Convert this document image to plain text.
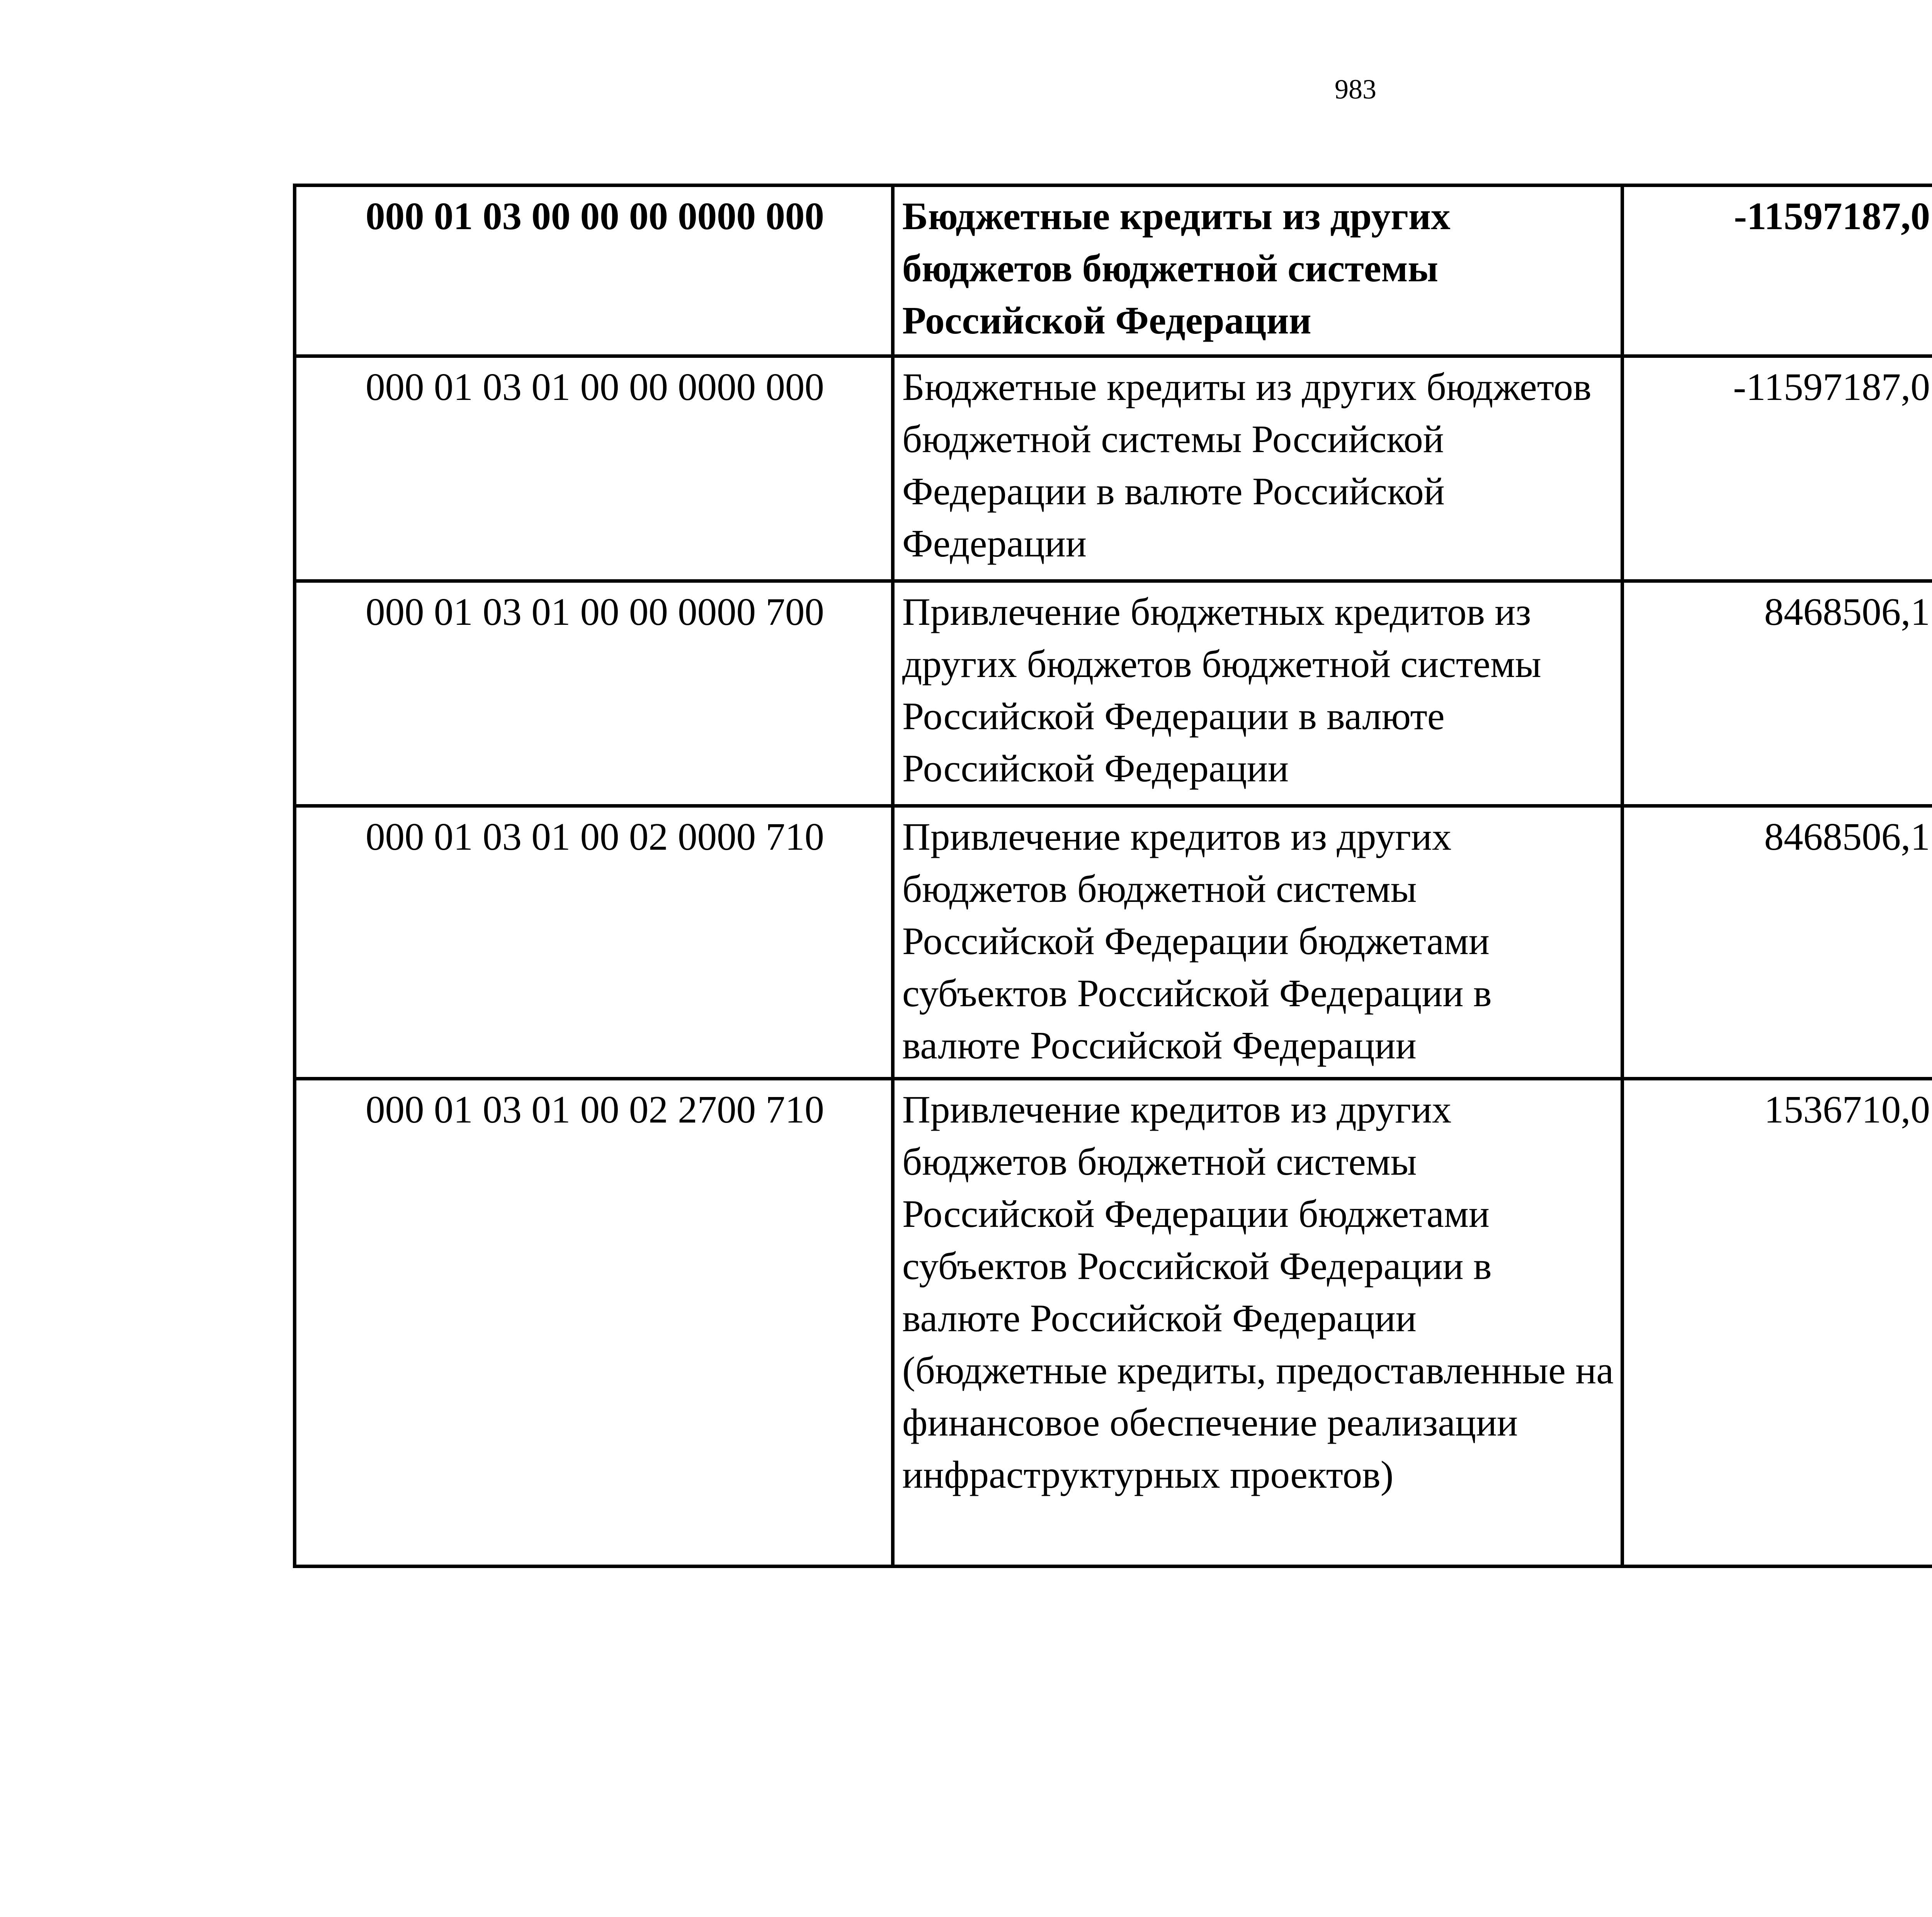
983
000 01 03 00 00 00 0000 000	Бюджетные кредиты из других бюджетов бюджетной системы Российской Федерации	-11597187,0		
000 01 03 01 00 00 0000 000	Бюджетные кредиты из других бюджетов бюджетной системы Российской Федерации в валюте Российской Федерации	-11597187,0		
000 01 03 01 00 00 0000 700	Привлечение бюджетных кредитов из других бюджетов бюджетной системы Российской Федерации в валюте Российской Федерации	8468506,1		
000 01 03 01 00 02 0000 710	Привлечение кредитов из других бюджетов бюджетной системы Российской Федерации бюджетами субъектов Российской Федерации в валюте Российской Федерации	8468506,1		
000 01 03 01 00 02 2700 710	Привлечение кредитов из других бюджетов бюджетной системы Российской Федерации бюджетами субъектов Российской Федерации в валюте Российской Федерации (бюджетные кредиты, предоставленные на финансовое обеспечение реализации инфраструктурных проектов)	1536710,0		
